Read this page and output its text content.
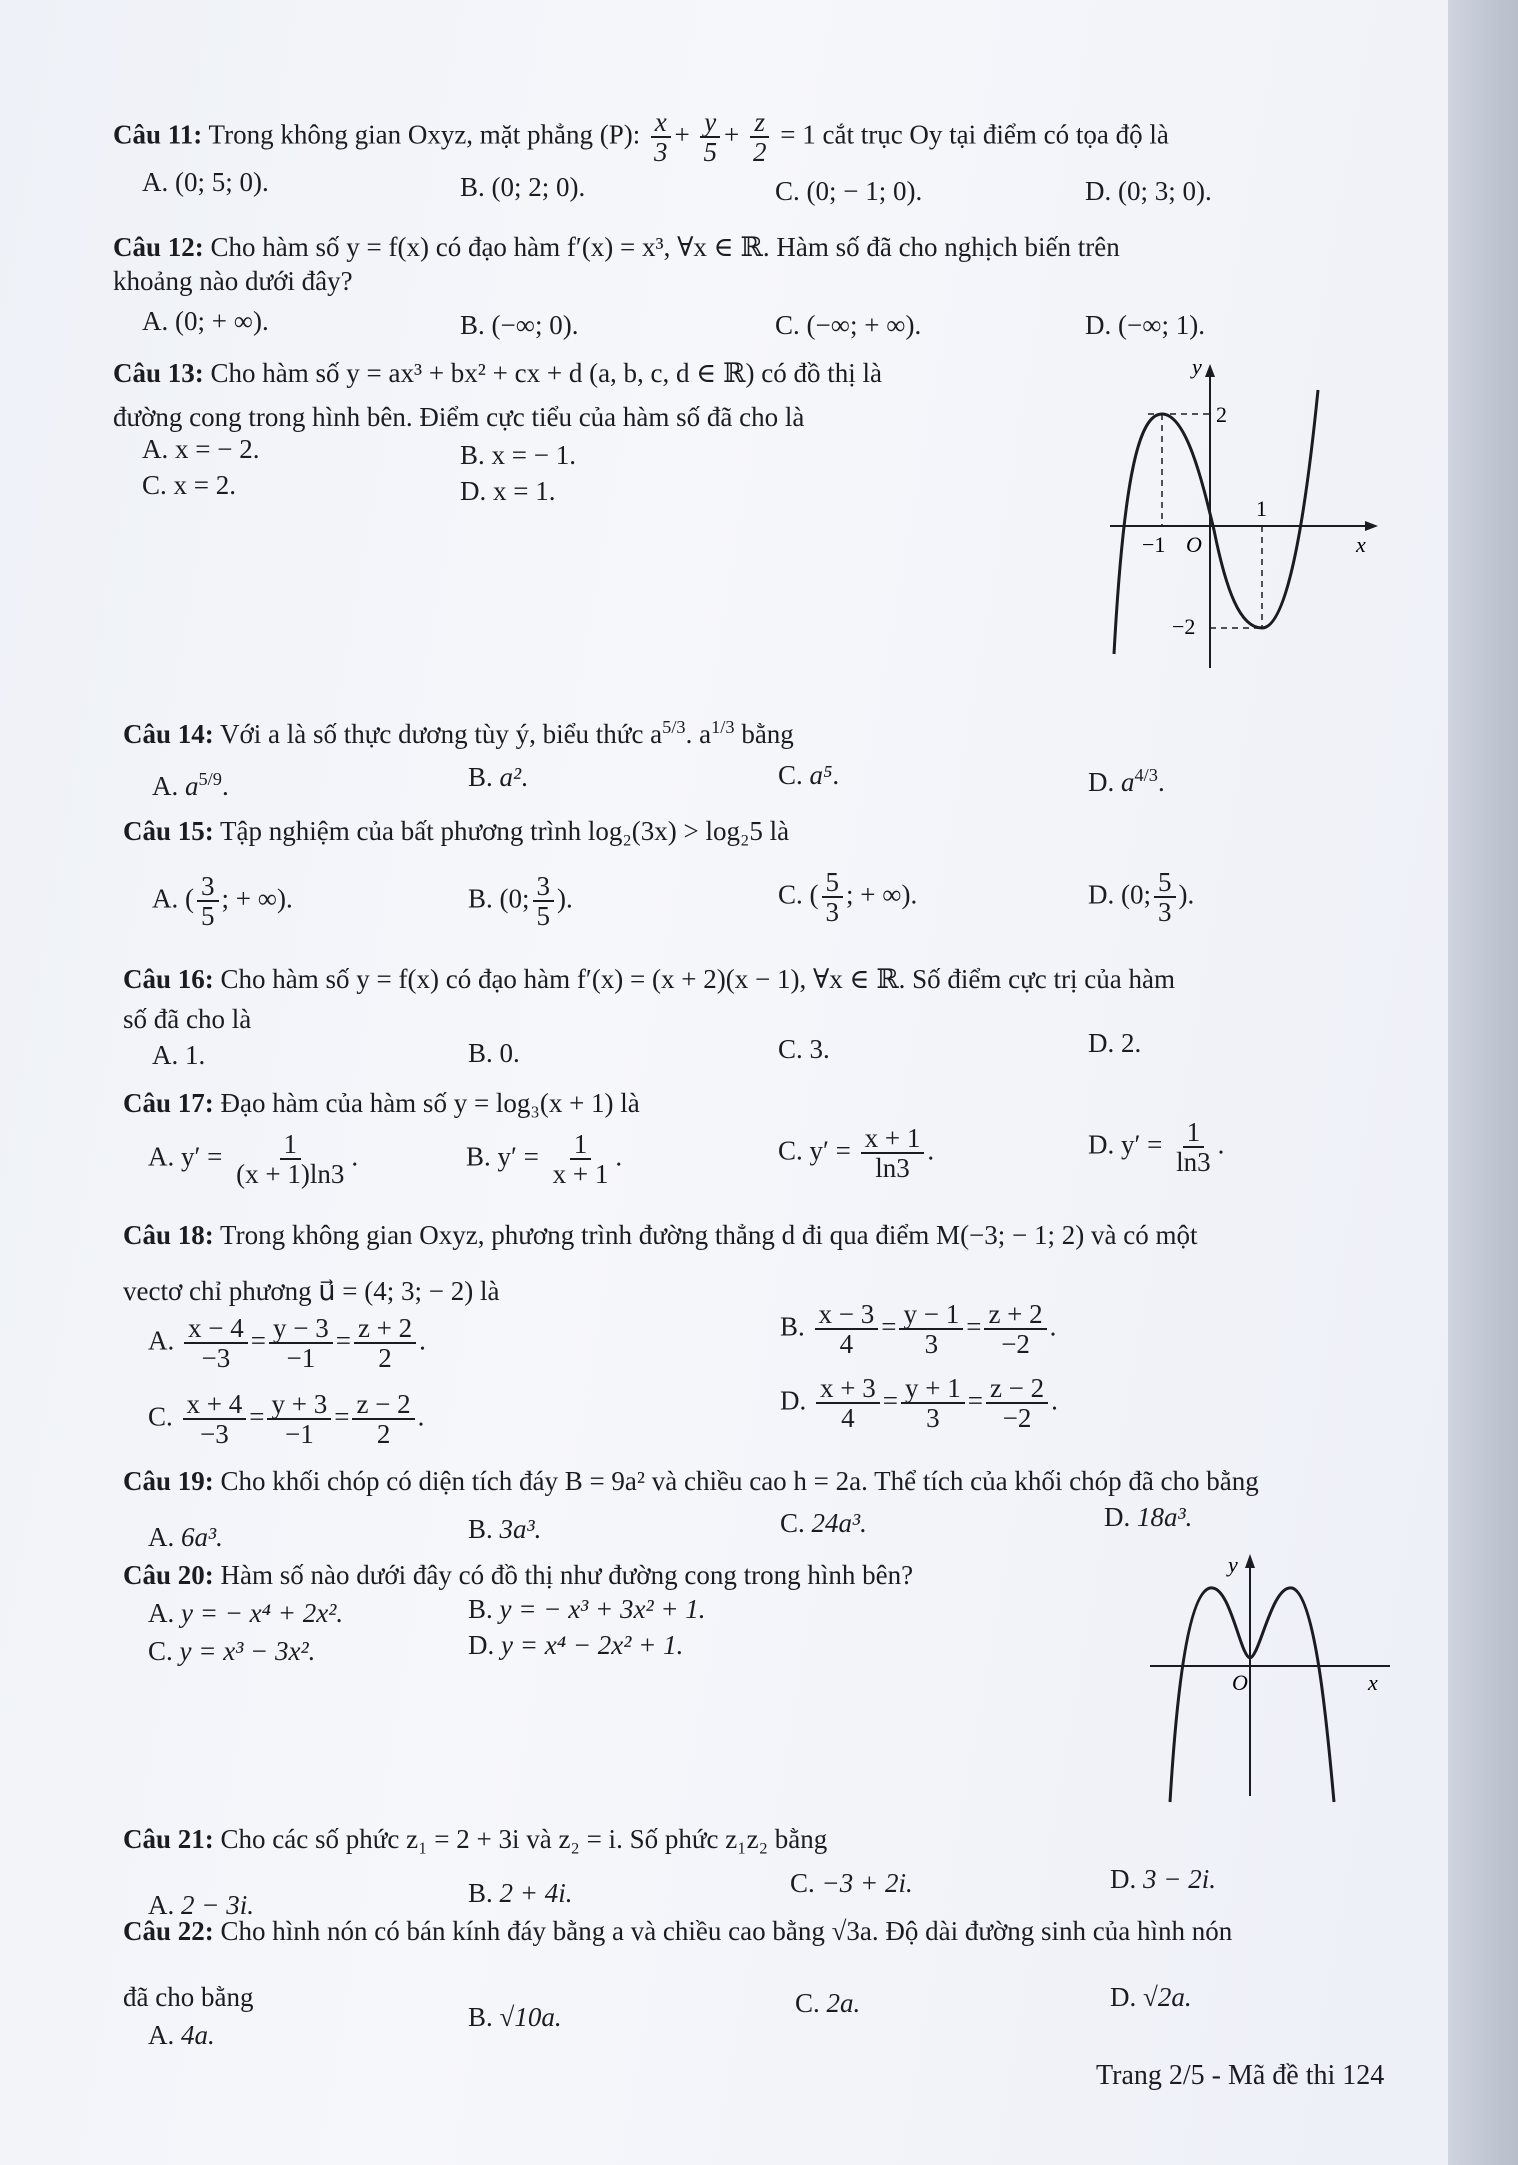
Câu 11: Trong không gian Oxyz, mặt phẳng (P): $\frac{x}{3} + \frac{y}{5} + \frac{z}{2} = 1$ cắt trục Oy tại điểm có tọa độ là
A. (0; 5; 0).	B. (0; 2; 0).	C. (0; − 1; 0).	D. (0; 3; 0).
Câu 12: Cho hàm số y = f(x) có đạo hàm f′(x) = x³, ∀x ∈ ℝ. Hàm số đã cho nghịch biến trên
khoảng nào dưới đây?
A. (0; + ∞).	B. (−∞; 0).	C. (−∞; + ∞).	D. (−∞; 1).
Câu 13: Cho hàm số y = ax³ + bx² + cx + d (a, b, c, d ∈ ℝ) có đồ thị là
đường cong trong hình bên. Điểm cực tiểu của hàm số đã cho là
A. x = − 2.	B. x = − 1.
C. x = 2.	D. x = 1.
y
x
2
1
−1 O
−2
Câu 14: Với a là số thực dương tùy ý, biểu thức $a^{5/3}$. $a^{1/3}$ bằng
A. $a^{5/9}$.	B. a².	C. a⁵.	D. $a^{4/3}$.
Câu 15: Tập nghiệm của bất phương trình log₂(3x) > log₂5 là
A. ( $\frac{3}{5}$ ; + ∞).	B. (0; $\frac{3}{5}$ ).	C. ( $\frac{5}{3}$ ; + ∞).	D. (0; $\frac{5}{3}$ ).
Câu 16: Cho hàm số y = f(x) có đạo hàm f′(x) = (x + 2)(x − 1), ∀x ∈ ℝ. Số điểm cực trị của hàm
số đã cho là
A. 1.	B. 0.	C. 3.	D. 2.
Câu 17: Đạo hàm của hàm số y = log₃(x + 1) là
A. $y' = \frac{1}{(x + 1)\ln 3}$ .	B. $y' = \frac{1}{x + 1}$ .	C. $y' = \frac{x + 1}{\ln 3}$ .	D. $y' = \frac{1}{\ln 3}$ .
Câu 18: Trong không gian Oxyz, phương trình đường thẳng d đi qua điểm M(−3; − 1; 2) và có một
vectơ chỉ phương u⃗ = (4; 3; − 2) là
A. $\frac{x - 4}{-3} = \frac{y - 3}{-1} = \frac{z + 2}{2}$ .	B. $\frac{x - 3}{4} = \frac{y - 1}{3} = \frac{z + 2}{-2}$ .
C. $\frac{x + 4}{-3} = \frac{y + 3}{-1} = \frac{z - 2}{2}$ .
D. $\frac{x + 3}{4} = \frac{y + 1}{3} = \frac{z - 2}{-2}$ .
Câu 19: Cho khối chóp có diện tích đáy B = 9a² và chiều cao h = 2a. Thể tích của khối chóp đã cho bằng
A. 6a³.	B. 3a³.	C. 24a³.	D. 18a³.
Câu 20: Hàm số nào dưới đây có đồ thị như đường cong trong hình bên?
A. y = − x⁴ + 2x².	B. y = − x³ + 3x² + 1.
C. y = x³ − 3x².	D. y = x⁴ − 2x² + 1.
y
x
O
Câu 21: Cho các số phức z₁ = 2 + 3i và z₂ = i. Số phức z₁z₂ bằng
A. 2 − 3i.	B. 2 + 4i.	C. −3 + 2i.	D. 3 − 2i.
Câu 22: Cho hình nón có bán kính đáy bằng a và chiều cao bằng √3a. Độ dài đường sinh của hình nón
đã cho bằng
A. 4a.
B. √10a.	C. 2a.	D. √2a.
Trang 2/5 - Mã đề thi 124
